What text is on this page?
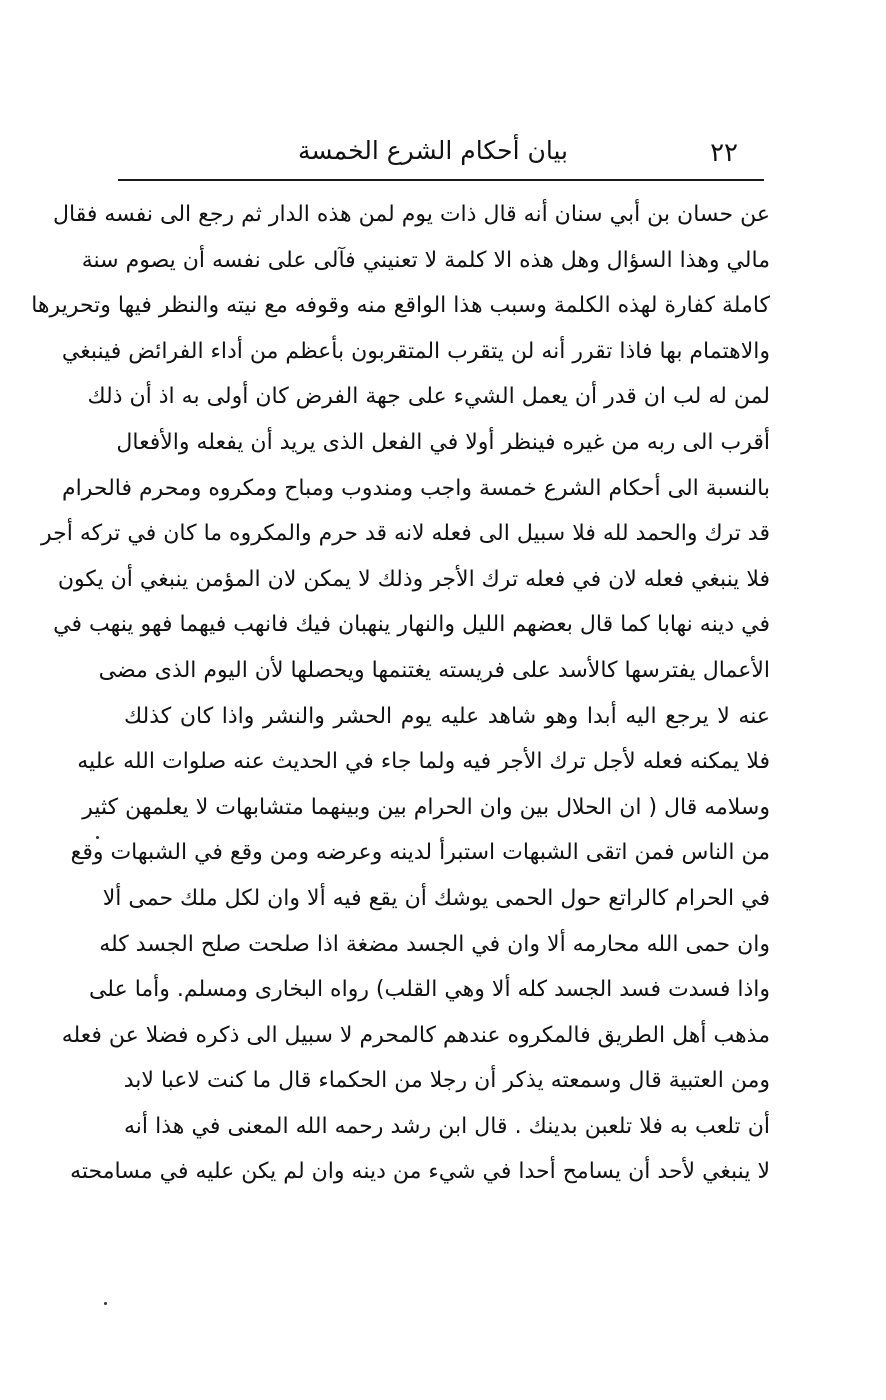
٢٢
بيان أحكام الشرع الخمسة
عن حسان بن أبي سنان أنه قال ذات يوم لمن هذه الدار ثم رجع الى نفسه فقال
مالي وهذا السؤال وهل هذه الا كلمة لا تعنيني فآلى على نفسه أن يصوم سنة
كاملة كفارة لهذه الكلمة وسبب هذا الواقع منه وقوفه مع نيته والنظر فيها وتحريرها
والاهتمام بها فاذا تقرر أنه لن يتقرب المتقربون بأعظم من أداء الفرائض فينبغي
لمن له لب ان قدر أن يعمل الشيء على جهة الفرض كان أولى به اذ أن ذلك
أقرب الى ربه من غيره فينظر أولا في الفعل الذى يريد أن يفعله والأفعال
بالنسبة الى أحكام الشرع خمسة واجب ومندوب ومباح ومكروه ومحرم فالحرام
قد ترك والحمد لله فلا سبيل الى فعله لانه قد حرم والمكروه ما كان في تركه أجر
فلا ينبغي فعله لان في فعله ترك الأجر وذلك لا يمكن لان المؤمن ينبغي أن يكون
في دينه نهابا كما قال بعضهم الليل والنهار ينهبان فيك فانهب فيهما فهو ينهب في
الأعمال يفترسها كالأسد على فريسته يغتنمها ويحصلها لأن اليوم الذى مضى
عنه لا يرجع اليه أبدا وهو شاهد عليه يوم الحشر والنشر واذا كان كذلك
فلا يمكنه فعله لأجل ترك الأجر فيه ولما جاء في الحديث عنه صلوات الله عليه
وسلامه قال ( ان الحلال بين وان الحرام بين وبينهما متشابهات لا يعلمهن كثير
من الناس فمن اتقى الشبهات استبرأ لدينه وعرضه ومن وقع في الشبهات وقع
في الحرام كالراتع حول الحمى يوشك أن يقع فيه ألا وان لكل ملك حمى ألا
وان حمى الله محارمه ألا وان في الجسد مضغة اذا صلحت صلح الجسد كله
واذا فسدت فسد الجسد كله ألا وهي القلب) رواه البخارى ومسلم. وأما على
مذهب أهل الطريق فالمكروه عندهم كالمحرم لا سبيل الى ذكره فضلا عن فعله
ومن العتبية قال وسمعته يذكر أن رجلا من الحكماء قال ما كنت لاعبا لابد
أن تلعب به فلا تلعبن بدينك . قال ابن رشد رحمه الله المعنى في هذا أنه
لا ينبغي لأحد أن يسامح أحدا في شيء من دينه وان لم يكن عليه في مسامحته
